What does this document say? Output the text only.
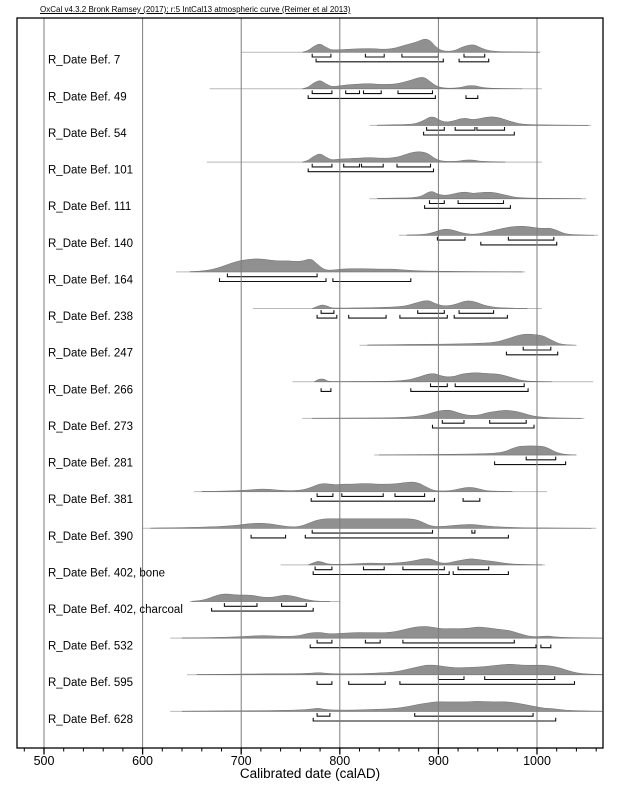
OxCal v4.3.2 Bronk Ramsey (2017); r:5 IntCal13 atmospheric curve (Reimer et al 2013)
500	600	700	800	900	1000
R_Date Bef. 7
R_Date Bef. 49
R_Date Bef. 54
R_Date Bef. 101
R_Date Bef. 111
R_Date Bef. 140
R_Date Bef. 164
R_Date Bef. 238
R_Date Bef. 247
R_Date Bef. 266
R_Date Bef. 273
R_Date Bef. 281
R_Date Bef. 381
R_Date Bef. 390
R_Date Bef. 402, bone
R_Date Bef. 402, charcoal
R_Date Bef. 532
R_Date Bef. 595
R_Date Bef. 628
Calibrated date (calAD)
